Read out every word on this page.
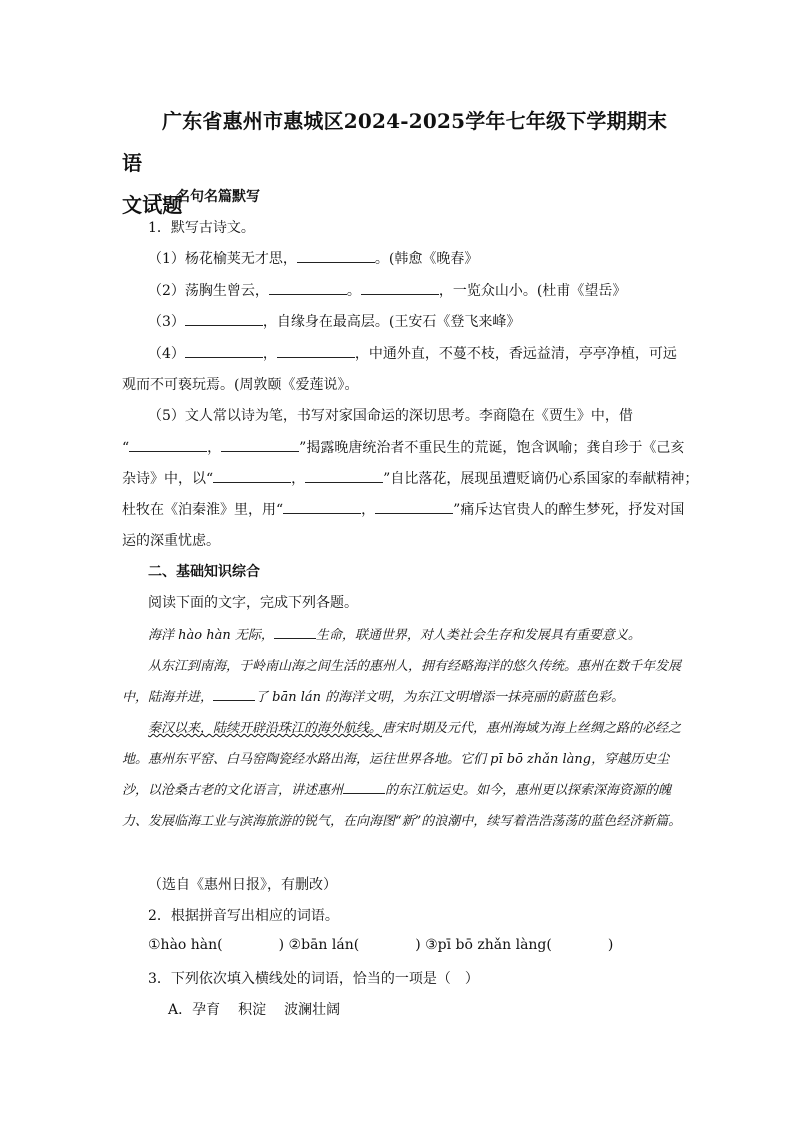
广东省惠州市惠城区2024-2025学年七年级下学期期末语
文试题
一、名句名篇默写
1．默写古诗文。
（1）杨花榆荚无才思，	。(韩愈《晚春》
（2）荡胸生曾云，	。	，一览众山小。(杜甫《望岳》
（3）	，自缘身在最高层。(王安石《登飞来峰》
（4）	，	，中通外直，不蔓不枝，香远益清，亭亭净植，可远
观而不可亵玩焉。(周敦颐《爱莲说》。
（5）文人常以诗为笔，书写对家国命运的深切思考。李商隐在《贾生》中，借
“	，	”揭露晚唐统治者不重民生的荒诞，饱含讽喻；龚自珍于《己亥
杂诗》中，以“	，	”自比落花，展现虽遭贬谪仍心系国家的奉献精神；
杜牧在《泊秦淮》里，用“	，	”痛斥达官贵人的醉生梦死，抒发对国
运的深重忧虑。
二、基础知识综合
阅读下面的文字，完成下列各题。

海洋 hào hàn 无际，	生命，联通世界，对人类社会生存和发展具有重要意义。

从东江到南海，于岭南山海之间生活的惠州人，拥有经略海洋的悠久传统。惠州在数千年发展中，陆海并进，	了 bān lán 的海洋文明，为东江文明增添一抹亮丽的蔚蓝色彩。

秦汉以来，陆续开辟沿珠江的海外航线。唐宋时期及元代，惠州海域为海上丝绸之路的必经之地。惠州东平窑、白马窑陶瓷经水路出海，运往世界各地。它们 pī bō zhǎn làng，穿越历史尘沙，以沧桑古老的文化语言，讲述惠州	的东江航运史。如今，惠州更以探索深海资源的魄力、发展临海工业与滨海旅游的锐气，在向海图“新”的浪潮中，续写着浩浩荡荡的蓝色经济新篇。

（选自《惠州日报》，有删改）
2．根据拼音写出相应的词语。
①hào hàn(	) ②bān lán(	) ③pī bō zhǎn làng(	)
3．下列依次填入横线处的词语，恰当的一项是（　）
A．孕育 积淀 波澜壮阔
